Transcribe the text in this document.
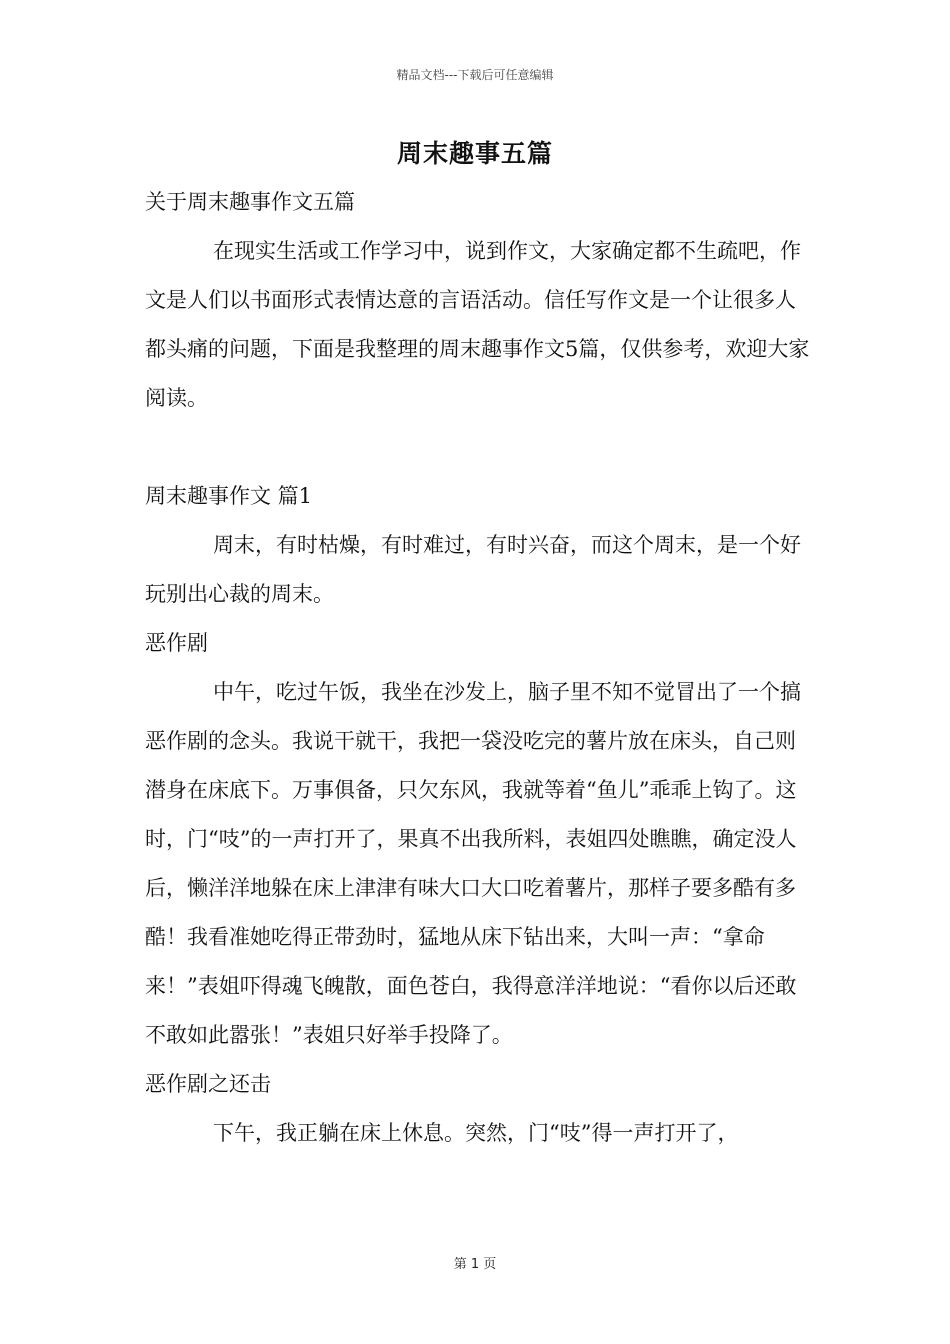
精品文档---下载后可任意编辑
周末趣事五篇

关于周末趣事作文五篇

在现实生活或工作学习中，说到作文，大家确定都不生疏吧，作文是人们以书面形式表情达意的言语活动。信任写作文是一个让很多人都头痛的问题，下面是我整理的周末趣事作文5篇，仅供参考，欢迎大家阅读。

周末趣事作文 篇1

周末，有时枯燥，有时难过，有时兴奋，而这个周末，是一个好玩别出心裁的周末。

恶作剧

中午，吃过午饭，我坐在沙发上，脑子里不知不觉冒出了一个搞恶作剧的念头。我说干就干，我把一袋没吃完的薯片放在床头，自己则潜身在床底下。万事俱备，只欠东风，我就等着“鱼儿”乖乖上钩了。这时，门“吱”的一声打开了，果真不出我所料，表姐四处瞧瞧，确定没人后，懒洋洋地躲在床上津津有味大口大口吃着薯片，那样子要多酷有多酷！我看准她吃得正带劲时，猛地从床下钻出来，大叫一声：“拿命来！”表姐吓得魂飞魄散，面色苍白，我得意洋洋地说：“看你以后还敢不敢如此嚣张！”表姐只好举手投降了。

恶作剧之还击

下午，我正躺在床上休息。突然，门“吱”得一声打开了，

第 1 页
